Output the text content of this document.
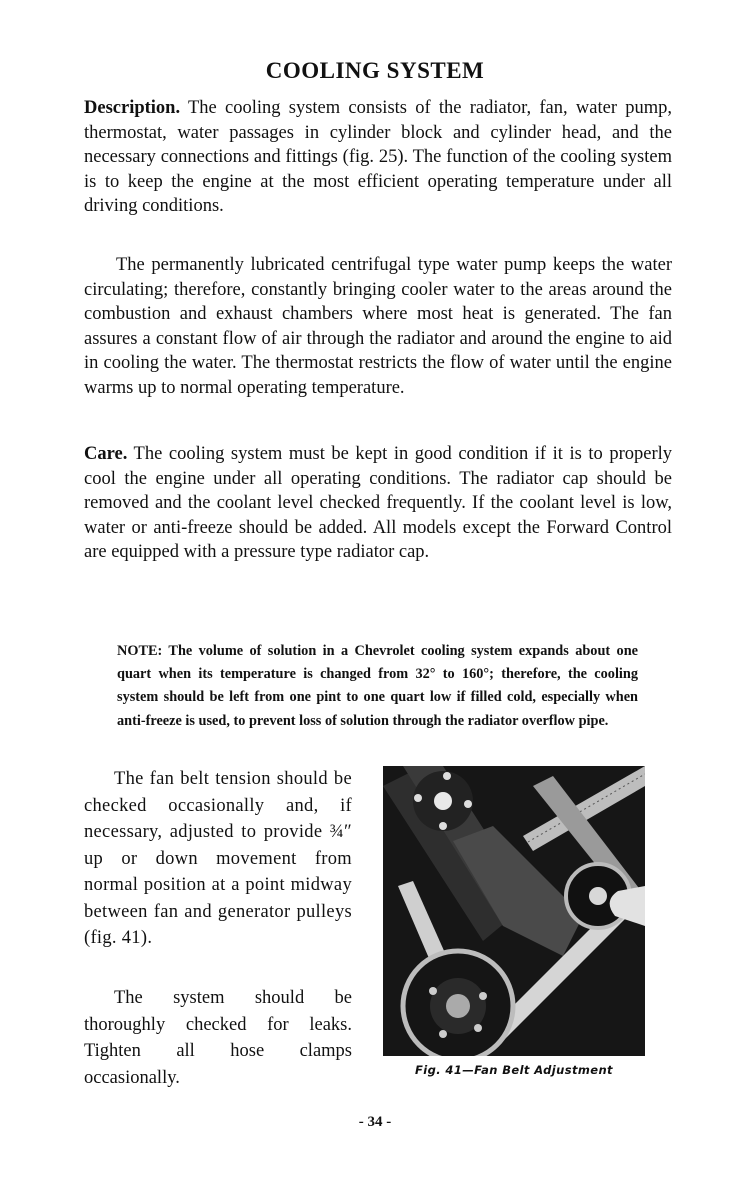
COOLING SYSTEM

Description. The cooling system consists of the radiator, fan, water pump, thermostat, water passages in cylinder block and cylinder head, and the necessary connections and fittings (fig. 25). The function of the cooling system is to keep the engine at the most efficient operating temperature under all driving conditions.

The permanently lubricated centrifugal type water pump keeps the water circulating; therefore, constantly bringing cooler water to the areas around the combustion and exhaust chambers where most heat is generated. The fan assures a constant flow of air through the radiator and around the engine to aid in cooling the water. The thermostat restricts the flow of water until the engine warms up to normal operating temperature.

Care. The cooling system must be kept in good condition if it is to properly cool the engine under all operating conditions. The radiator cap should be removed and the coolant level checked frequently. If the coolant level is low, water or anti-freeze should be added. All models except the Forward Control are equipped with a pressure type radiator cap.

NOTE: The volume of solution in a Chevrolet cooling system expands about one quart when its temperature is changed from 32° to 160°; therefore, the cooling system should be left from one pint to one quart low if filled cold, especially when anti-freeze is used, to prevent loss of solution through the radiator overflow pipe.

The fan belt tension should be checked occasionally and, if necessary, adjusted to provide ¾″ up or down movement from normal position at a point midway between fan and generator pulleys (fig. 41).

The system should be thoroughly checked for leaks. Tighten all hose clamps occasionally.	Fig. 41—Fan Belt Adjustment
- 34 -
